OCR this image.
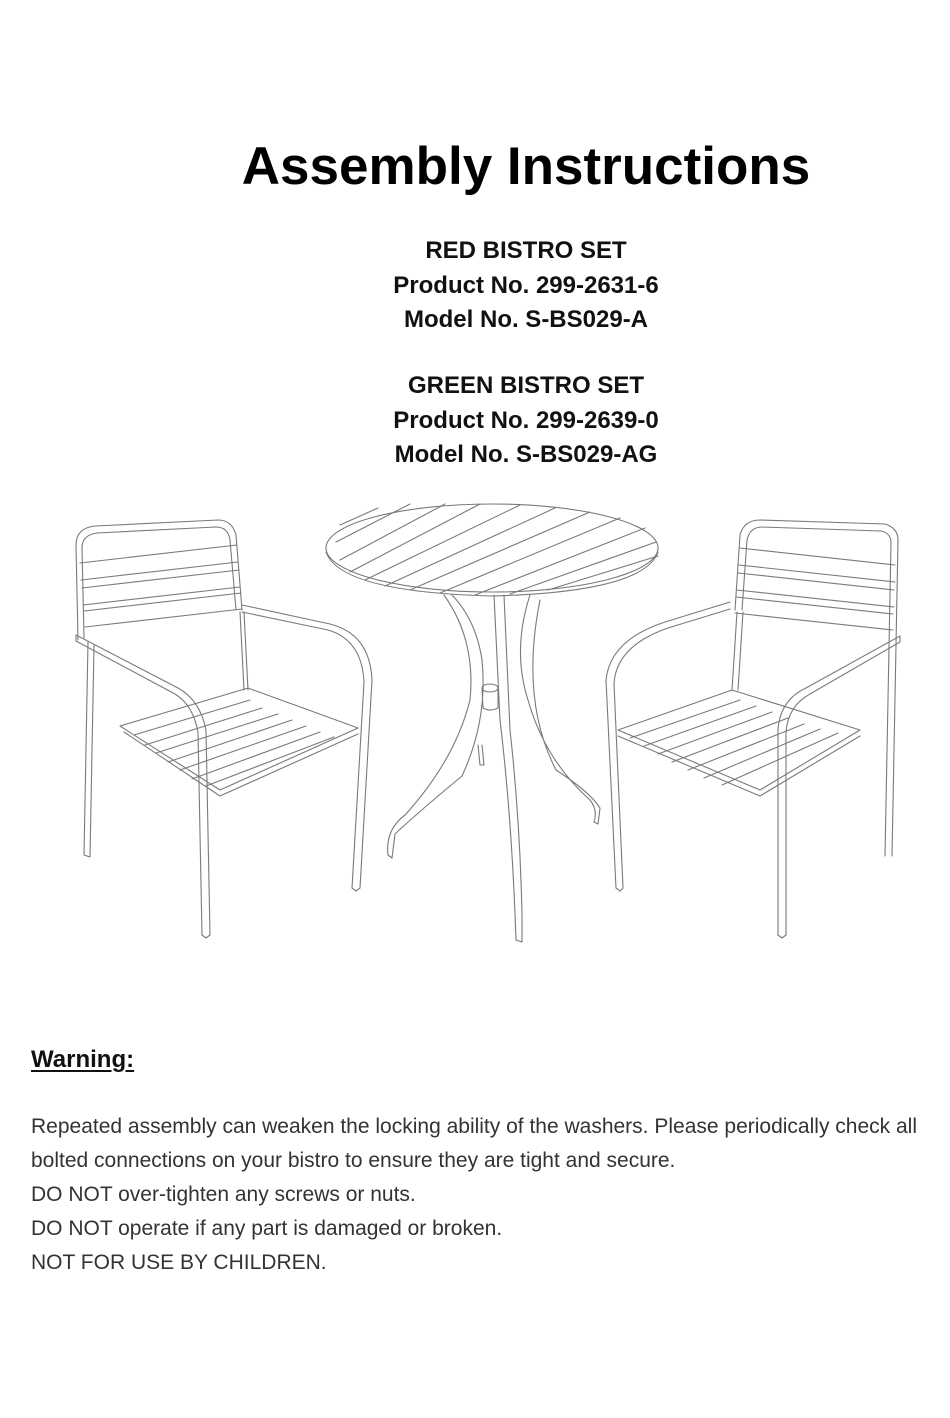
Assembly Instructions
RED BISTRO SET
Product No. 299-2631-6
Model No. S-BS029-A
GREEN BISTRO SET
Product No. 299-2639-0
Model No. S-BS029-AG
Warning:

Repeated assembly can weaken the locking ability of the washers. Please periodically check all bolted connections on your bistro to ensure they are tight and secure.

DO NOT over-tighten any screws or nuts.

DO NOT operate if any part is damaged or broken.

NOT FOR USE BY CHILDREN.
